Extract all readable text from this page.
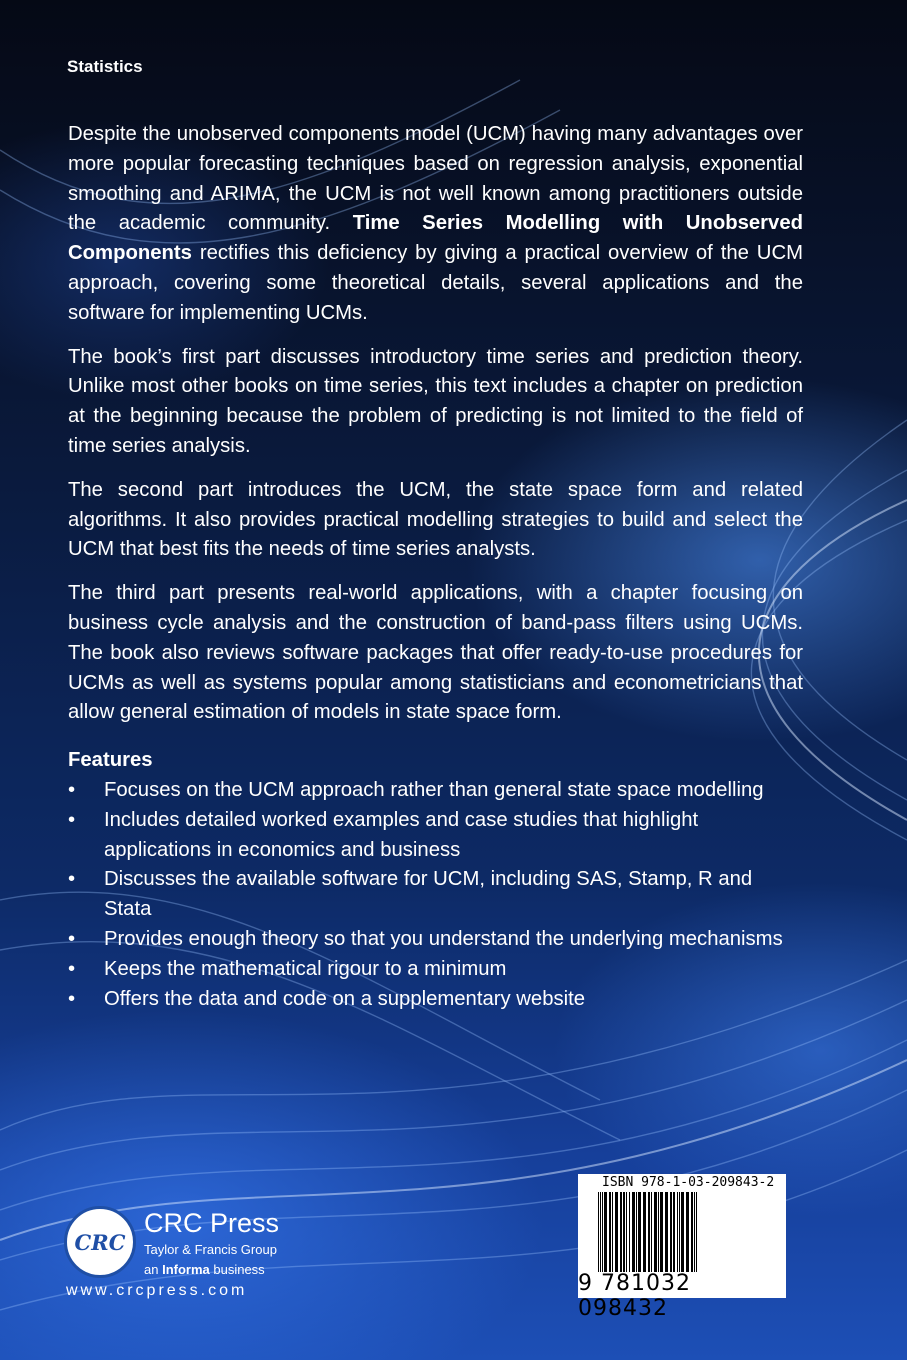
Statistics

Despite the unobserved components model (UCM) having many advantages over more popular forecasting techniques based on regression analysis, exponential smoothing and ARIMA, the UCM is not well known among practitioners outside the academic community. Time Series Modelling with Unobserved Components rectifies this deficiency by giving a practical overview of the UCM approach, covering some theoretical details, several applications and the software for implementing UCMs.

The book’s first part discusses introductory time series and prediction theory. Unlike most other books on time series, this text includes a chapter on prediction at the beginning because the problem of predicting is not limited to the field of time series analysis.

The second part introduces the UCM, the state space form and related algorithms. It also provides practical modelling strategies to build and select the UCM that best fits the needs of time series analysts.

The third part presents real-world applications, with a chapter focusing on business cycle analysis and the construction of band-pass filters using UCMs. The book also reviews software packages that offer ready-to-use procedures for UCMs as well as systems popular among statisticians and econometricians that allow general estimation of models in state space form.

Features
• Focuses on the UCM approach rather than general state space modelling
• Includes detailed worked examples and case studies that highlight applications in economics and business
• Discusses the available software for UCM, including SAS, Stamp, R and Stata
• Provides enough theory so that you understand the underlying mechanisms
• Keeps the mathematical rigour to a minimum
• Offers the data and code on a supplementary website
CRC
CRC Press
Taylor & Francis Group
an Informa business
www.crcpress.com
ISBN 978-1-03-209843-2
9 781032 098432
